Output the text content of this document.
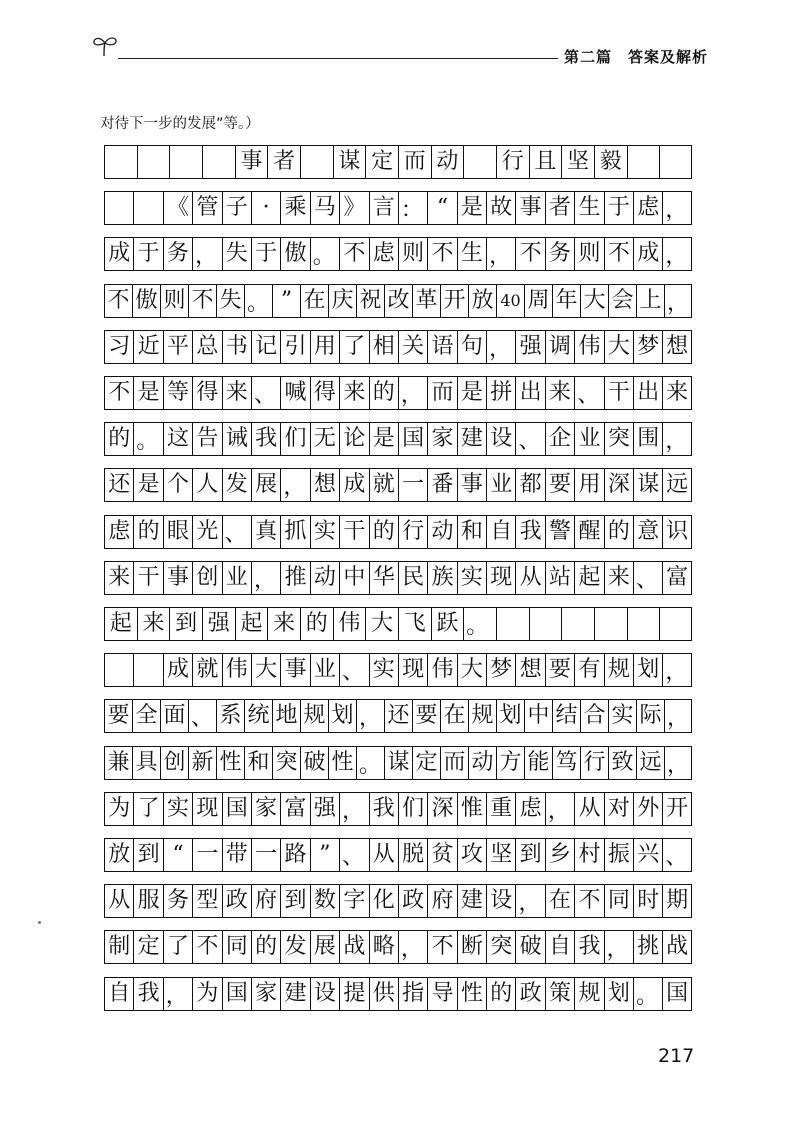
第二篇　答案及解析
对待下一步的发展”等。）
事 者 谋 定 而 动 行 且 坚 毅
《 管 子 · 乘 马 》 言 ： “ 是 故 事 者 生 于 虑 ，
成 于 务 ， 失 于 傲 。 不 虑 则 不 生 ， 不 务 则 不 成 ，
不 傲 则 不 失 。 ” 在 庆 祝 改 革 开 放 40 周 年 大 会 上 ，
习 近 平 总 书 记 引 用 了 相 关 语 句 ， 强 调 伟 大 梦 想
不 是 等 得 来 、 喊 得 来 的 ， 而 是 拼 出 来 、 干 出 来
的 。 这 告 诫 我 们 无 论 是 国 家 建 设 、 企 业 突 围 ，
还 是 个 人 发 展 ， 想 成 就 一 番 事 业 都 要 用 深 谋 远
虑 的 眼 光 、 真 抓 实 干 的 行 动 和 自 我 警 醒 的 意 识
来 干 事 创 业 ， 推 动 中 华 民 族 实 现 从 站 起 来 、 富
起 来 到 强 起 来 的 伟 大 飞 跃 。
成 就 伟 大 事 业 、 实 现 伟 大 梦 想 要 有 规 划 ，
要 全 面 、 系 统 地 规 划 ， 还 要 在 规 划 中 结 合 实 际 ，
兼 具 创 新 性 和 突 破 性 。 谋 定 而 动 方 能 笃 行 致 远 ，
为 了 实 现 国 家 富 强 ， 我 们 深 惟 重 虑 ， 从 对 外 开
放 到 “ 一 带 一 路 ” 、 从 脱 贫 攻 坚 到 乡 村 振 兴 、
从 服 务 型 政 府 到 数 字 化 政 府 建 设 ， 在 不 同 时 期
制 定 了 不 同 的 发 展 战 略 ， 不 断 突 破 自 我 ， 挑 战
自 我 ， 为 国 家 建 设 提 供 指 导 性 的 政 策 规 划 。 国
217
